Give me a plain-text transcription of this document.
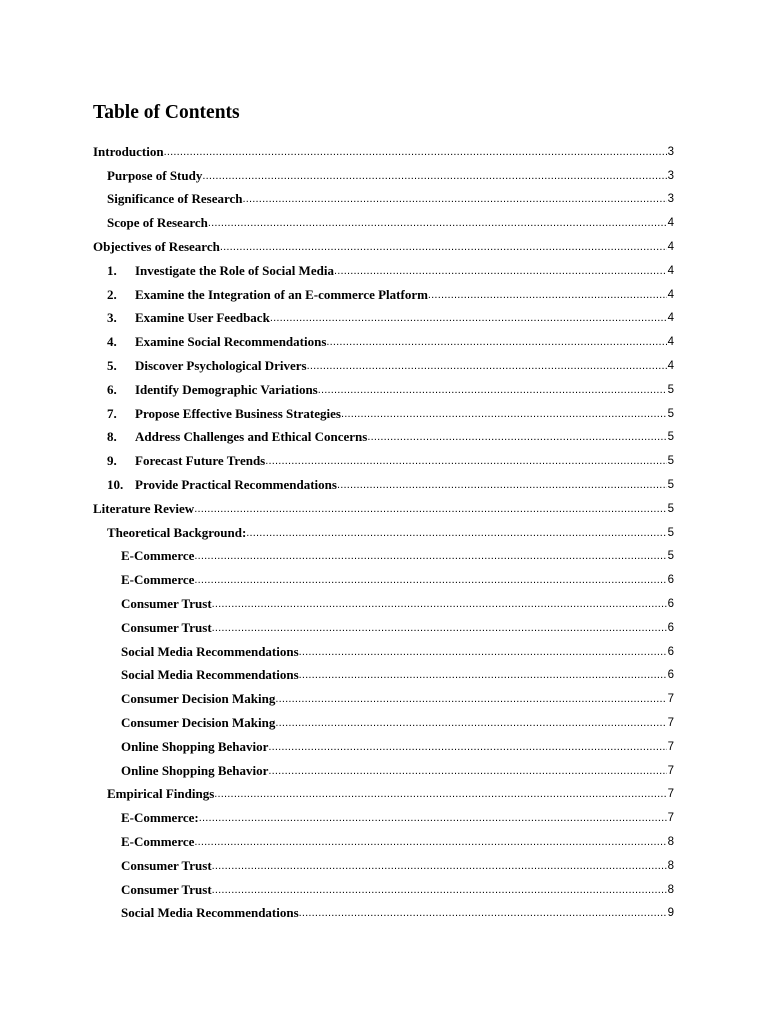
Table of Contents
Introduction .....	3
Purpose of Study .....	3
Significance of Research .....	3
Scope of Research .....	4
Objectives of Research .....	4
1.	Investigate the Role of Social Media .....	4
2.	Examine the Integration of an E-commerce Platform .....	4
3.	Examine User Feedback .....	4
4.	Examine Social Recommendations .....	4
5.	Discover Psychological Drivers .....	4
6.	Identify Demographic Variations .....	5
7.	Propose Effective Business Strategies .....	5
8.	Address Challenges and Ethical Concerns .....	5
9.	Forecast Future Trends .....	5
10. Provide Practical Recommendations .....	5
Literature Review .....	5
Theoretical Background: .....	5
E-Commerce .....	5
E-Commerce .....	6
Consumer Trust .....	6
Consumer Trust .....	6
Social Media Recommendations .....	6
Social Media Recommendations .....	6
Consumer Decision Making .....	7
Consumer Decision Making .....	7
Online Shopping Behavior .....	7
Online Shopping Behavior .....	7
Empirical Findings .....	7
E-Commerce: .....	7
E-Commerce .....	8
Consumer Trust .....	8
Consumer Trust .....	8
Social Media Recommendations .....	9
